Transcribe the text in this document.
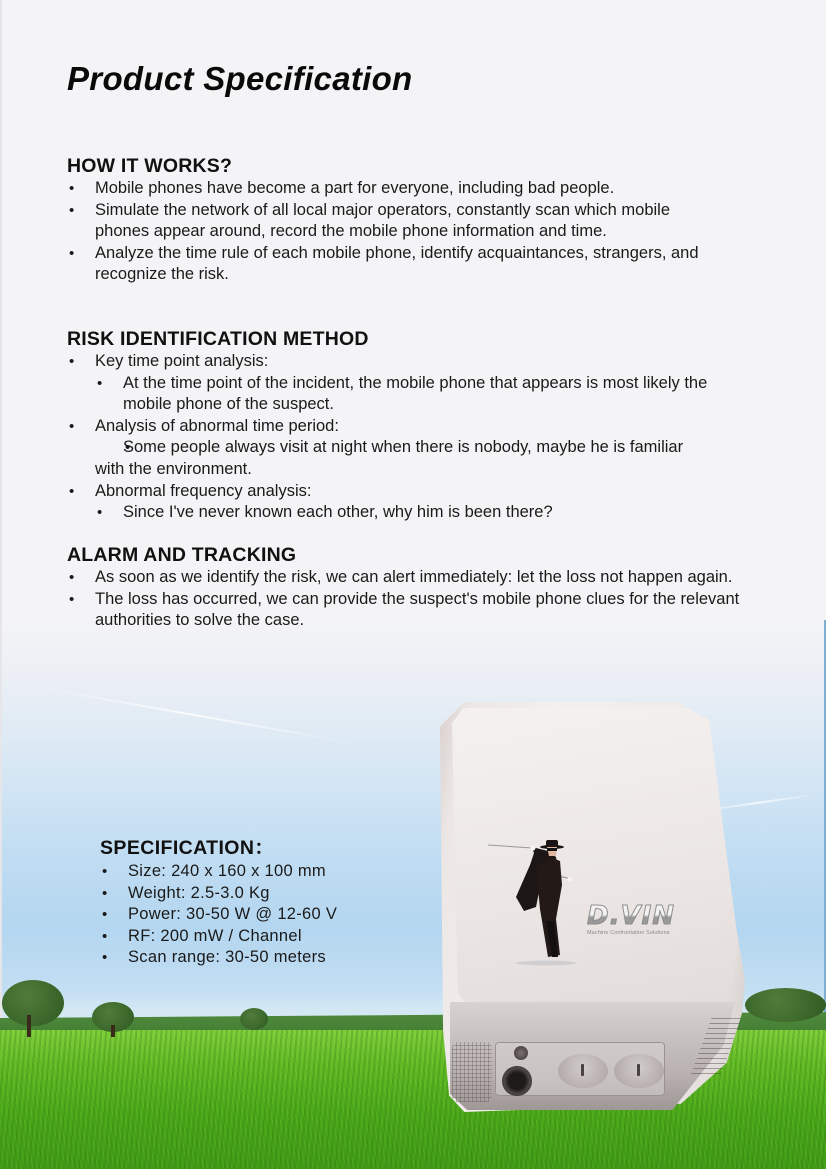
Product Specification
HOW IT WORKS?
• Mobile phones have become a part for everyone, including bad people.
• Simulate the network of all local major operators, constantly scan which mobile phones appear around, record the mobile phone information and time.
• Analyze the time rule of each mobile phone, identify acquaintances, strangers, and recognize the risk.
RISK IDENTIFICATION METHOD
• Key time point analysis:
• At the time point of the incident, the mobile phone that appears is most likely the mobile phone of the suspect.
• Analysis of abnormal time period:
• Some people always visit at night when there is nobody, maybe he is familiar with the environment.
• Abnormal frequency analysis:
• Since I've never known each other, why him is been there?
ALARM AND TRACKING
• As soon as we identify the risk, we can alert immediately: let the loss not happen again.
• The loss has occurred, we can provide the suspect's mobile phone clues for the relevant authorities to solve the case.
SPECIFICATION：
• Size: 240 x 160 x 100 mm
• Weight: 2.5-3.0 Kg
• Power: 30-50 W @ 12-60 V
• RF: 200 mW / Channel
• Scan range: 30-50 meters
D.VIN
Machine Confrontation Solutions
